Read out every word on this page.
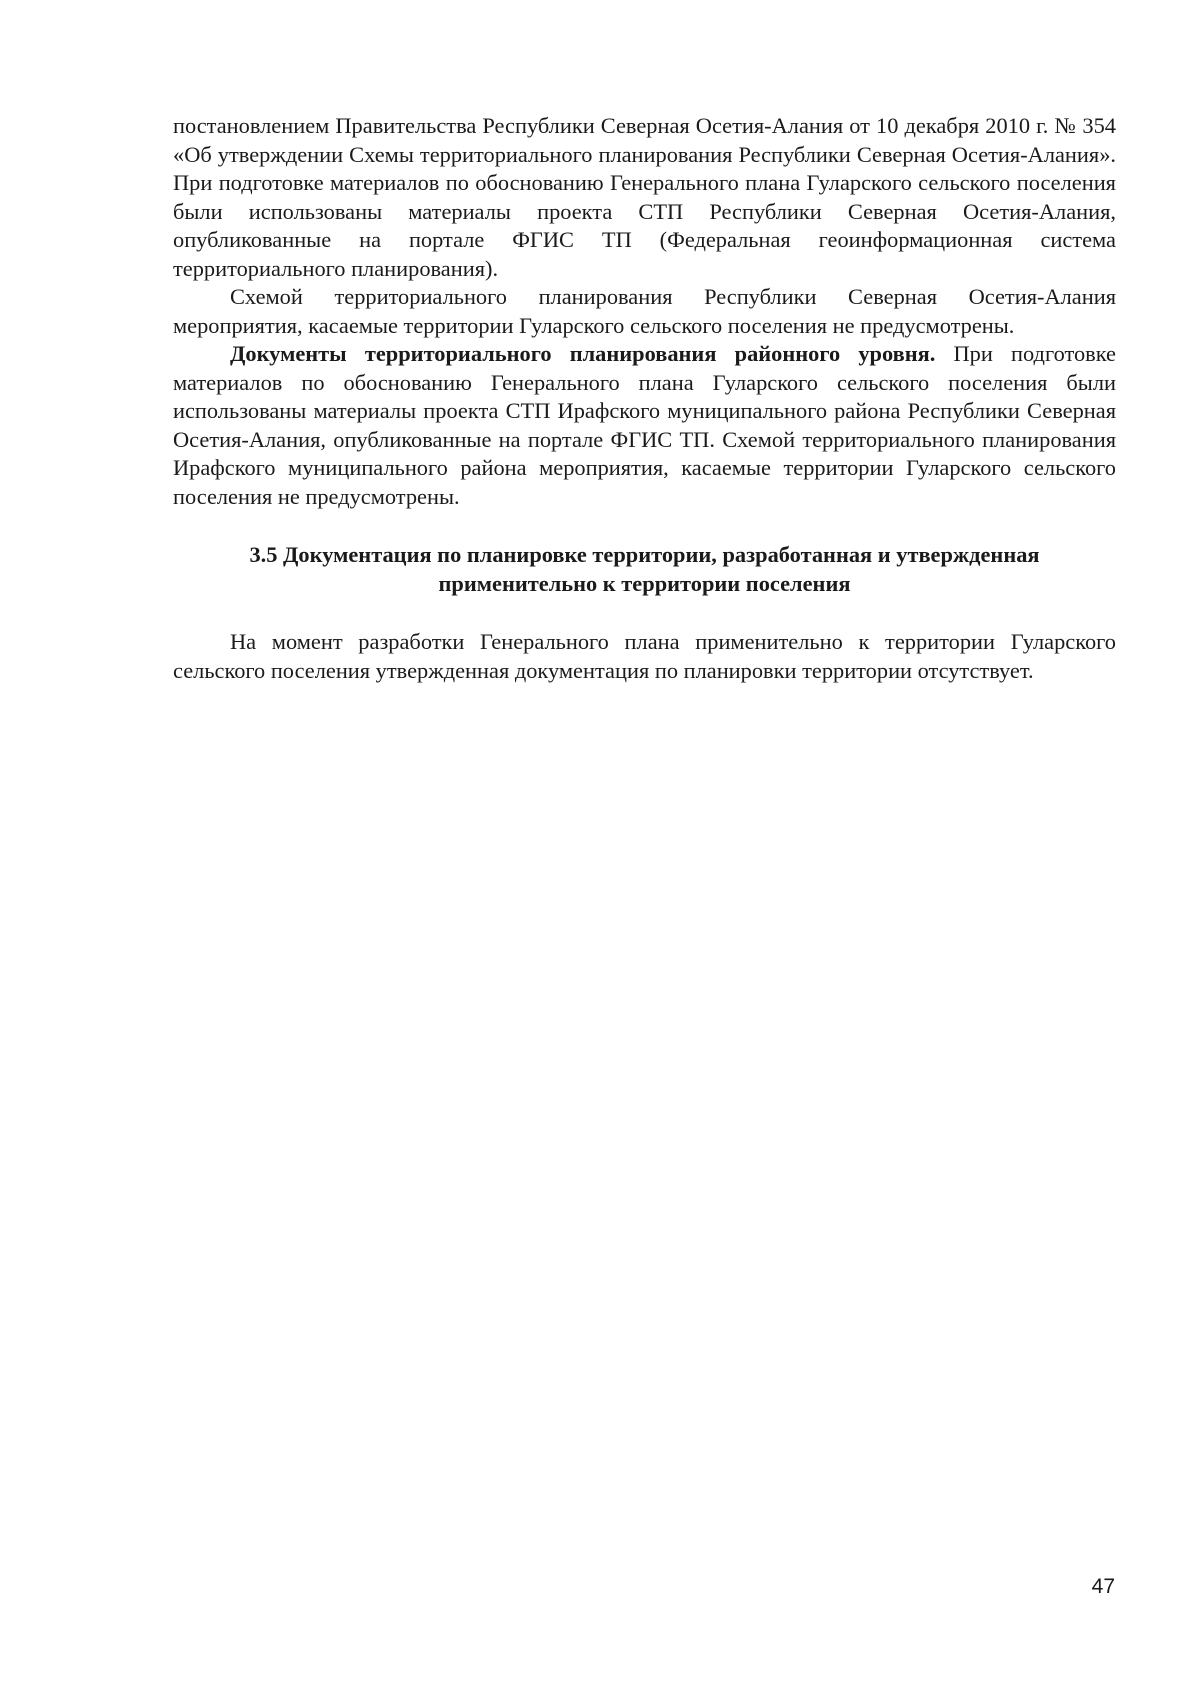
постановлением Правительства Республики Северная Осетия-Алания от 10 декабря 2010 г. № 354 «Об утверждении Схемы территориального планирования Республики Северная Осетия-Алания». При подготовке материалов по обоснованию Генерального плана Гуларского сельского поселения были использованы материалы проекта СТП Республики Северная Осетия-Алания, опубликованные на портале ФГИС ТП (Федеральная геоинформационная система территориального планирования).

Схемой территориального планирования Республики Северная Осетия-Алания мероприятия, касаемые территории Гуларского сельского поселения не предусмотрены.

Документы территориального планирования районного уровня. При подготовке материалов по обоснованию Генерального плана Гуларского сельского поселения были использованы материалы проекта СТП Ирафского муниципального района Республики Северная Осетия-Алания, опубликованные на портале ФГИС ТП. Схемой территориального планирования Ирафского муниципального района мероприятия, касаемые территории Гуларского сельского поселения не предусмотрены.

3.5 Документация по планировке территории, разработанная и утвержденная
применительно к территории поселения

На момент разработки Генерального плана применительно к территории Гуларского сельского поселения утвержденная документация по планировки территории отсутствует.

47
